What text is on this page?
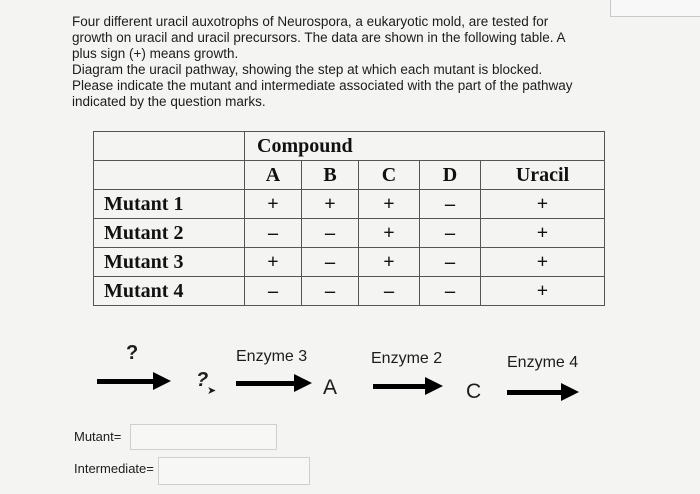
Four different uracil auxotrophs of Neurospora, a eukaryotic mold, are tested for

growth on uracil and uracil precursors. The data are shown in the following table. A

plus sign (+) means growth.

Diagram the uracil pathway, showing the step at which each mutant is blocked.

Please indicate the mutant and intermediate associated with the part of the pathway

indicated by the question marks.

	Compound				
	A	B	C	D	Uracil
Mutant 1	+	+	+	–	+
Mutant 2	–	–	+	–	+
Mutant 3	+	–	+	–	+
Mutant 4	–	–	–	–	+
?
?
➤
Enzyme 3
A
Enzyme 2
C
Enzyme 4
Mutant=
Intermediate=
